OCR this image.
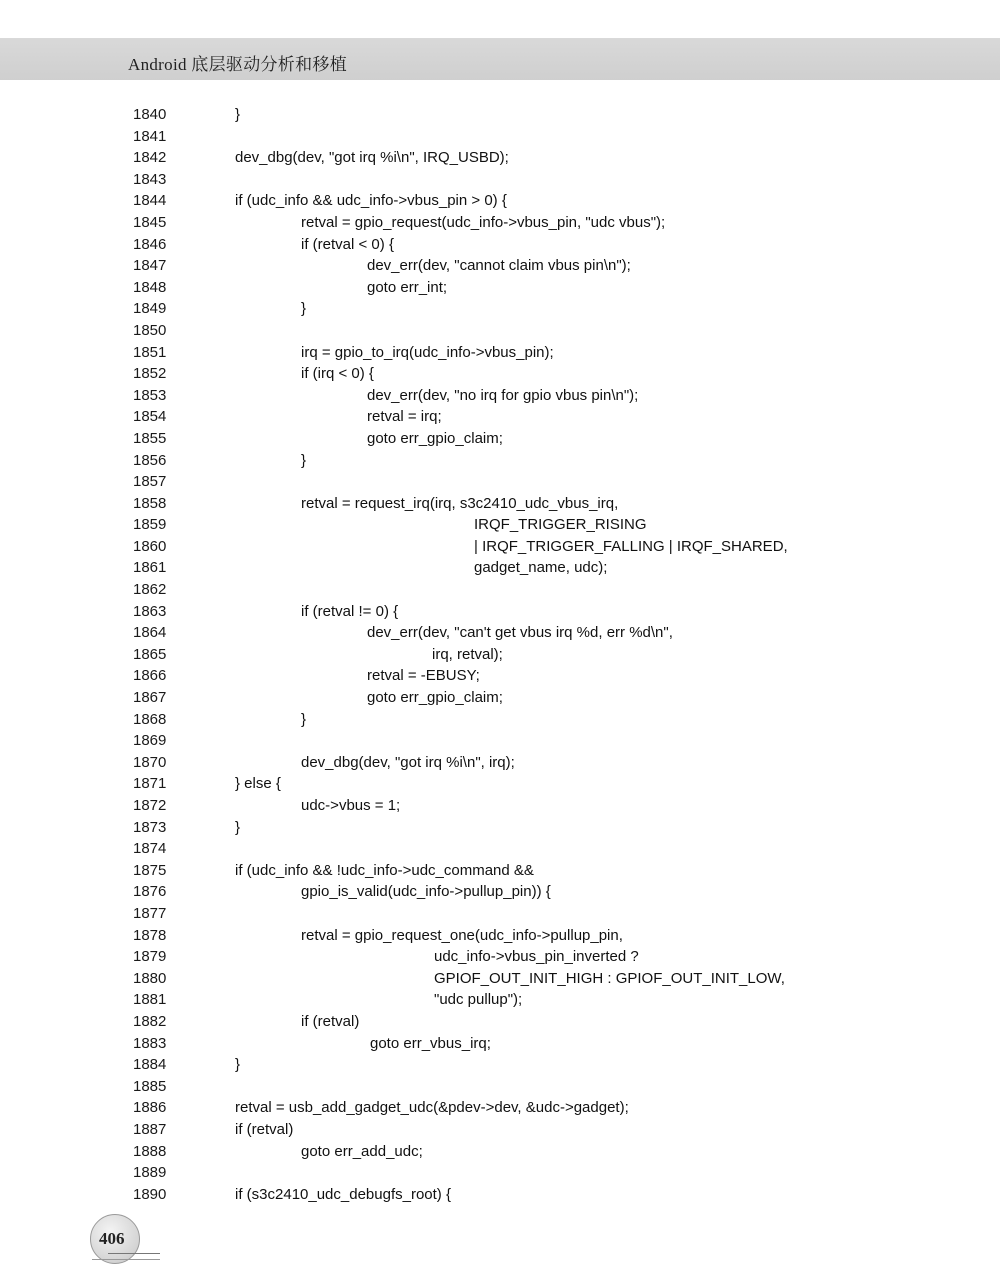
Android 底层驱动分析和移植
1840	}
1841
1842	dev_dbg(dev, "got irq %i\n", IRQ_USBD);
1843
1844	if (udc_info && udc_info->vbus_pin > 0) {
1845	retval = gpio_request(udc_info->vbus_pin, "udc vbus");
1846	if (retval < 0) {
1847	dev_err(dev, "cannot claim vbus pin\n");
1848	goto err_int;
1849	}
1850
1851	irq = gpio_to_irq(udc_info->vbus_pin);
1852	if (irq < 0) {
1853	dev_err(dev, "no irq for gpio vbus pin\n");
1854	retval = irq;
1855	goto err_gpio_claim;
1856	}
1857
1858	retval = request_irq(irq, s3c2410_udc_vbus_irq,
1859	IRQF_TRIGGER_RISING
1860	| IRQF_TRIGGER_FALLING | IRQF_SHARED,
1861	gadget_name, udc);
1862
1863	if (retval != 0) {
1864	dev_err(dev, "can't get vbus irq %d, err %d\n",
1865	irq, retval);
1866	retval = -EBUSY;
1867	goto err_gpio_claim;
1868	}
1869
1870	dev_dbg(dev, "got irq %i\n", irq);
1871	} else {
1872	udc->vbus = 1;
1873	}
1874
1875	if (udc_info && !udc_info->udc_command &&
1876	gpio_is_valid(udc_info->pullup_pin)) {
1877
1878	retval = gpio_request_one(udc_info->pullup_pin,
1879	udc_info->vbus_pin_inverted ?
1880	GPIOF_OUT_INIT_HIGH : GPIOF_OUT_INIT_LOW,
1881	"udc pullup");
1882	if (retval)
1883	goto err_vbus_irq;
1884	}
1885
1886	retval = usb_add_gadget_udc(&pdev->dev, &udc->gadget);
1887	if (retval)
1888	goto err_add_udc;
1889
1890	if (s3c2410_udc_debugfs_root) {
406
